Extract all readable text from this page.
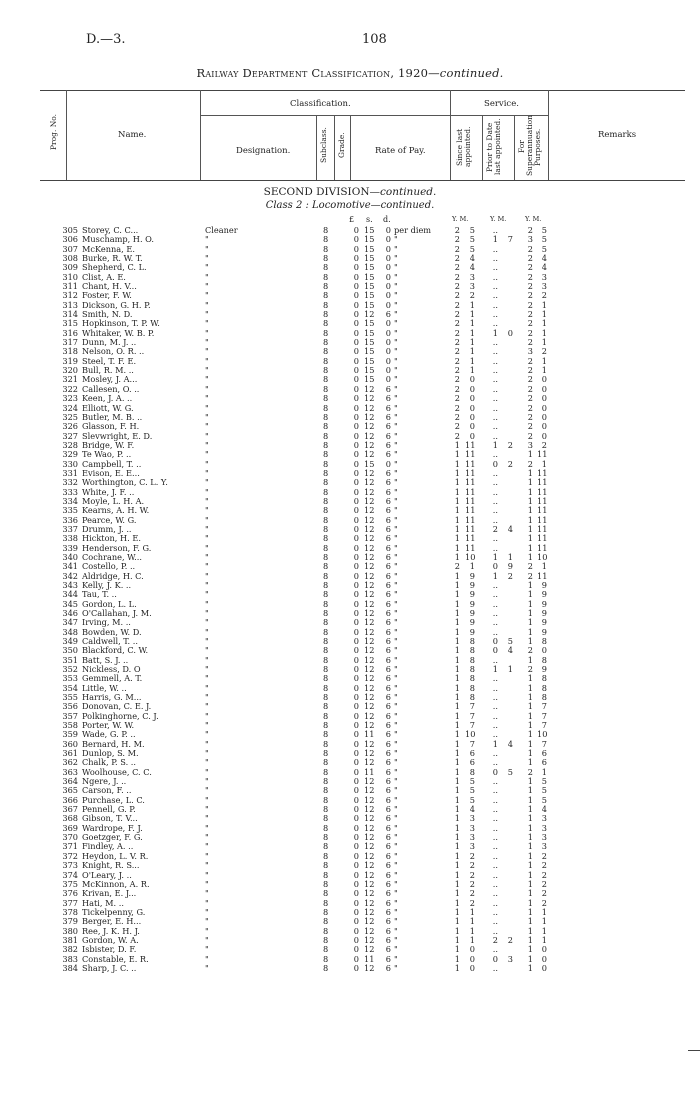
D.—3.	108
Railway Department Classification, 1920—continued.
Prog. No.	Name.
Classification.
Designation.	Subclass. Grade.	Rate of Pay.
Service.
Since last appointed.	Prior to Date last appointed.	For Superannuation Purposes.	Remarks
SECOND DIVISION—continued.
Class 2 : Locomotive—continued.
£ s. d.	Y. M.	Y. M.	Y. M.
305 Storey, C. C...	Cleaner	8	0 15	0 per diem	2	5	..	2	5
306 Muschamp, H. O.	"	8	0 15	0 "	2	5	1	7	3	5
307 McKenna, E.	"	8	0 15	0 "	2	5	..	2	5
308 Burke, R. W. T.	"	8	0 15	0 "	2	4	..	2	4
309 Shepherd, C. L.	"	8	0 15	0 "	2	4	..	2	4
310 Clist, A. E.	"	8	0 15	0 "	2	3	..	2	3
311 Chant, H. V...	"	8	0 15	0 "	2	3	..	2	3
312 Foster, F. W.	"	8	0 15	0 "	2	2	..	2	2
313 Dickson, G. H. P.	"	8	0 15	0 "	2	1	..	2	1
314 Smith, N. D.	"	8	0 12	6 "	2	1	..	2	1
315 Hopkinson, T. P. W.	"	8	0 15	0 "	2	1	..	2	1
316 Whitaker, W. B. P.	"	8	0 15	0 "	2	1	1	0	2	1
317 Dunn, M. J. ..	"	8	0 15	0 "	2	1	..	2	1
318 Nelson, O. R. ..	"	8	0 15	0 "	2	1	..	3	2
319 Steel, T. F. E.	"	8	0 15	0 "	2	1	..	2	1
320 Bull, R. M. ..	"	8	0 15	0 "	2	1	..	2	1
321 Mosley, J. A...	"	8	0 15	0 "	2	0	..	2	0
322 Callesen, O. ..	"	8	0 12	6 "	2	0	..	2	0
323 Keen, J. A. ..	"	8	0 12	6 "	2	0	..	2	0
324 Elliott, W. G.	"	8	0 12	6 "	2	0	..	2	0
325 Butler, M. B. ..	"	8	0 12	6 "	2	0	..	2	0
326 Glasson, F. H.	"	8	0 12	6 "	2	0	..	2	0
327 Slevwright, E. D.	"	8	0 12	6 "	2	0	..	2	0
328 Bridge, W. F.	"	8	0 12	6 "	1 11	1	2	3	2
329 Te Wao, P. ..	"	8	0 12	6 "	1 11	..	1 11
330 Campbell, T. ..	"	8	0 15	0 "	1 11	0	2	2	1
331 Evison, E. E...	"	8	0 12	6 "	1 11	..	1 11
332 Worthington, C. L. Y.	"	8	0 12	6 "	1 11	..	1 11
333 White, J. F. ..	"	8	0 12	6 "	1 11	..	1 11
334 Moyle, L. H. A.	"	8	0 12	6 "	1 11	..	1 11
335 Kearns, A. H. W.	"	8	0 12	6 "	1 11	..	1 11
336 Pearce, W. G.	"	8	0 12	6 "	1 11	..	1 11
337 Drumm, J. ..	"	8	0 12	6 "	1 11	2	4	1 11
338 Hickton, H. E.	"	8	0 12	6 "	1 11	..	1 11
339 Henderson, F. G.	"	8	0 12	6 "	1 11	..	1 11
340 Cochrane, W...	"	8	0 12	6 "	1 10	1	1	1 10
341 Costello, P. ..	"	8	0 12	6 "	2	1	0	9	2	1
342 Aldridge, H. C.	"	8	0 12	6 "	1	9	1	2	2 11
343 Kelly, J. K. ..	"	8	0 12	6 "	1	9	..	1	9
344 Tau, T. ..	"	8	0 12	6 "	1	9	..	1	9
345 Gordon, L. L.	"	8	0 12	6 "	1	9	..	1	9
346 O'Callahan, J. M.	"	8	0 12	6 "	1	9	..	1	9
347 Irving, M. ..	"	8	0 12	6 "	1	9	..	1	9
348 Bowden, W. D.	"	8	0 12	6 "	1	9	..	1	9
349 Caldwell, T. ..	"	8	0 12	6 "	1	8	0	5	1	8
350 Blackford, C. W.	"	8	0 12	6 "	1	8	0	4	2	0
351 Batt, S. J. ..	"	8	0 12	6 "	1	8	..	1	8
352 Nickless, D. O	"	8	0 12	6 "	1	8	1	1	2	9
353 Gemmell, A. T.	"	8	0 12	6 "	1	8	..	1	8
354 Little, W. ..	"	8	0 12	6 "	1	8	..	1	8
355 Harris, G. M...	"	8	0 12	6 "	1	8	..	1	8
356 Donovan, C. E. J.	"	8	0 12	6 "	1	7	..	1	7
357 Polkinghorne, C. J.	"	8	0 12	6 "	1	7	..	1	7
358 Porter, W. W.	"	8	0 12	6 "	1	7	..	1	7
359 Wade, G. P. ..	"	8	0 11	6 "	1 10	..	1 10
360 Bernard, H. M.	"	8	0 12	6 "	1	7	1	4	1	7
361 Dunlop, S. M.	"	8	0 12	6 "	1	6	..	1	6
362 Chalk, P. S. ..	"	8	0 12	6 "	1	6	..	1	6
363 Woolhouse, C. C.	"	8	0 11	6 "	1	8	0	5	2	1
364 Ngere, J. ..	"	8	0 12	6 "	1	5	..	1	5
365 Carson, F. ..	"	8	0 12	6 "	1	5	..	1	5
366 Purchase, L. C.	"	8	0 12	6 "	1	5	..	1	5
367 Pennell, G. P.	"	8	0 12	6 "	1	4	..	1	4
368 Gibson, T. V...	"	8	0 12	6 "	1	3	..	1	3
369 Wardrope, F. J.	"	8	0 12	6 "	1	3	..	1	3
370 Goetzger, F. G.	"	8	0 12	6 "	1	3	..	1	3
371 Findley, A. ..	"	8	0 12	6 "	1	3	..	1	3
372 Heydon, L. V. R.	"	8	0 12	6 "	1	2	..	1	2
373 Knight, R. S...	"	8	0 12	6 "	1	2	..	1	2
374 O'Leary, J. ..	"	8	0 12	6 "	1	2	..	1	2
375 McKinnon, A. R.	"	8	0 12	6 "	1	2	..	1	2
376 Krivan, E. J...	"	8	0 12	6 "	1	2	..	1	2
377 Hati, M. ..	"	8	0 12	6 "	1	2	..	1	2
378 Tickelpenny, G.	"	8	0 12	6 "	1	1	..	1	1
379 Berger, E. H...	"	8	0 12	6 "	1	1	..	1	1
380 Ree, J. K. H. J.	"	8	0 12	6 "	1	1	..	1	1
381 Gordon, W. A.	"	8	0 12	6 "	1	1	2	2	1	1
382 Isbister, D. F.	"	8	0 12	6 "	1	0	..	1	0
383 Constable, E. R.	"	8	0 11	6 "	1	0	0	3	1	0
384 Sharp, J. C. ..	"	8	0 12	6 "	1	0	..	1	0
